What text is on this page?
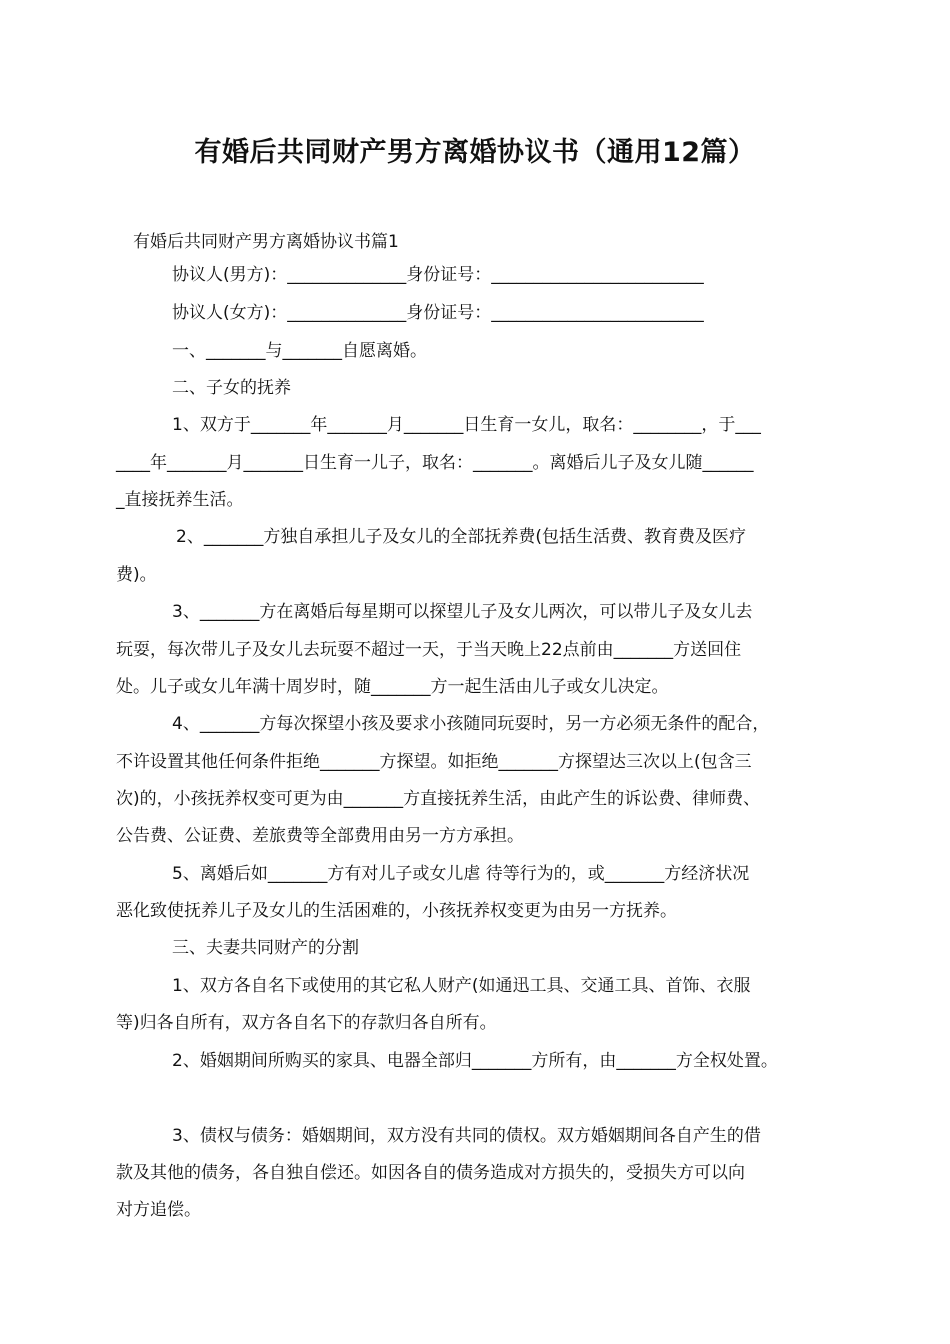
有婚后共同财产男方离婚协议书（通用12篇）
有婚后共同财产男方离婚协议书篇1
协议人(男方)：______________身份证号：_________________________
协议人(女方)：______________身份证号：_________________________
一、_______与_______自愿离婚。
二、子女的抚养
1、双方于_______年_______月_______日生育一女儿，取名：________，于___
____年_______月_______日生育一儿子，取名：_______。离婚后儿子及女儿随______
_直接抚养生活。
2、_______方独自承担儿子及女儿的全部抚养费(包括生活费、教育费及医疗
费)。
3、_______方在离婚后每星期可以探望儿子及女儿两次，可以带儿子及女儿去
玩耍，每次带儿子及女儿去玩耍不超过一天，于当天晚上22点前由_______方送回住
处。儿子或女儿年满十周岁时，随_______方一起生活由儿子或女儿决定。
4、_______方每次探望小孩及要求小孩随同玩耍时，另一方必须无条件的配合，
不许设置其他任何条件拒绝_______方探望。如拒绝_______方探望达三次以上(包含三
次)的，小孩抚养权变可更为由_______方直接抚养生活，由此产生的诉讼费、律师费、
公告费、公证费、差旅费等全部费用由另一方方承担。
5、离婚后如_______方有对儿子或女儿虐 待等行为的，或_______方经济状况
恶化致使抚养儿子及女儿的生活困难的，小孩抚养权变更为由另一方抚养。
三、夫妻共同财产的分割
1、双方各自名下或使用的其它私人财产(如通迅工具、交通工具、首饰、衣服
等)归各自所有，双方各自名下的存款归各自所有。
2、婚姻期间所购买的家具、电器全部归_______方所有，由_______方全权处置。
3、债权与债务：婚姻期间，双方没有共同的债权。双方婚姻期间各自产生的借
款及其他的债务，各自独自偿还。如因各自的债务造成对方损失的，受损失方可以向
对方追偿。
